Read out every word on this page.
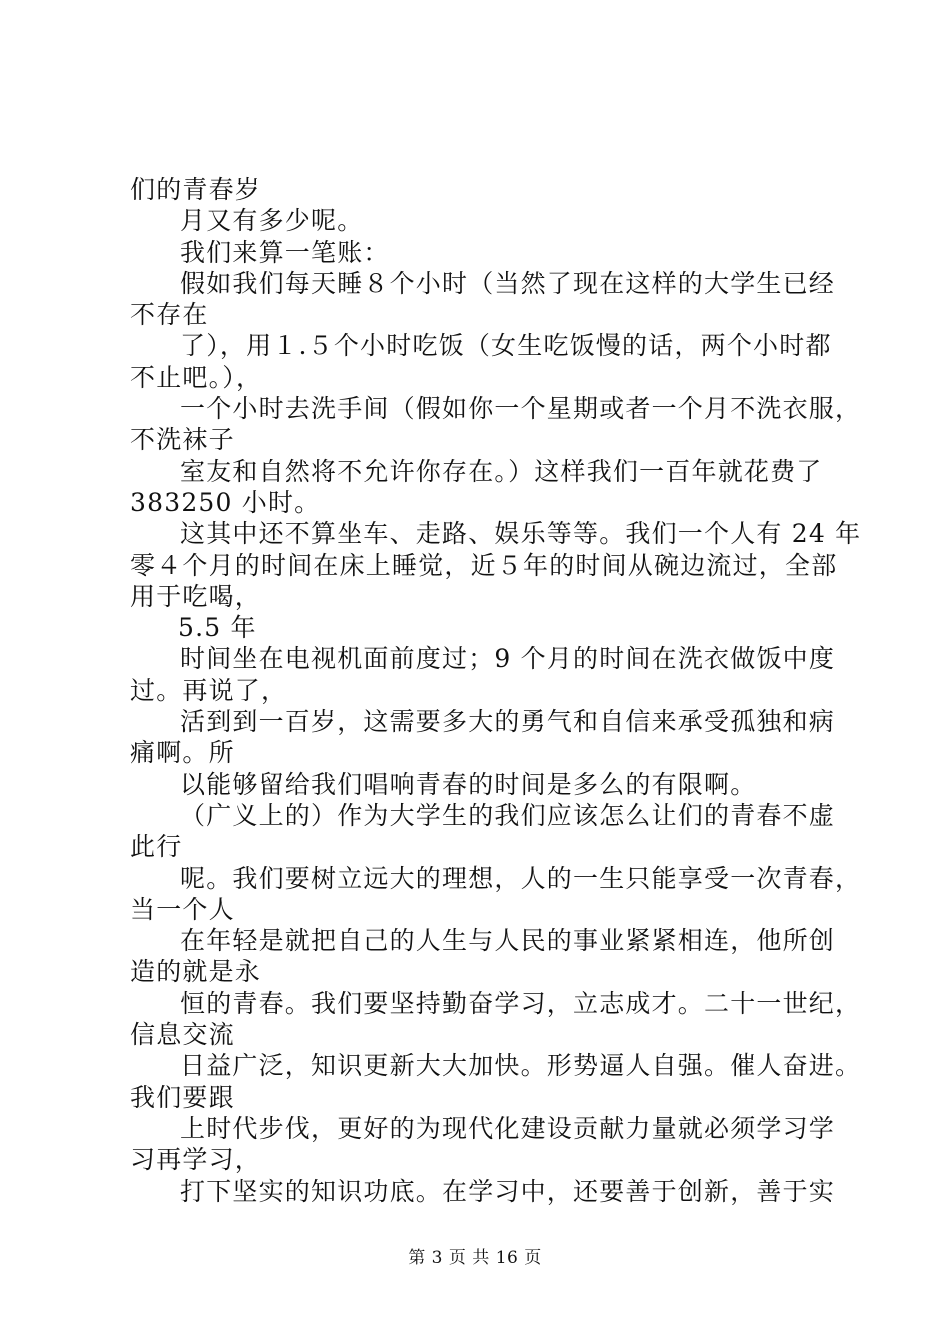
们的青春岁
月又有多少呢。
我们来算一笔账：
假如我们每天睡８个小时（当然了现在这样的大学生已经
不存在
了），用１.５个小时吃饭（女生吃饭慢的话，两个小时都
不止吧。），
一个小时去洗手间（假如你一个星期或者一个月不洗衣服，
不洗袜子
室友和自然将不允许你存在。）这样我们一百年就花费了
383250 小时。
这其中还不算坐车、走路、娱乐等等。我们一个人有 24 年
零４个月的时间在床上睡觉，近５年的时间从碗边流过，全部
用于吃喝，
5.5 年
时间坐在电视机面前度过；9 个月的时间在洗衣做饭中度
过。再说了，
活到到一百岁，这需要多大的勇气和自信来承受孤独和病
痛啊。所
以能够留给我们唱响青春的时间是多么的有限啊。
（广义上的）作为大学生的我们应该怎么让们的青春不虚
此行
呢。我们要树立远大的理想，人的一生只能享受一次青春，
当一个人
在年轻是就把自己的人生与人民的事业紧紧相连，他所创
造的就是永
恒的青春。我们要坚持勤奋学习，立志成才。二十一世纪，
信息交流
日益广泛，知识更新大大加快。形势逼人自强。催人奋进。
我们要跟
上时代步伐，更好的为现代化建设贡献力量就必须学习学
习再学习，
打下坚实的知识功底。在学习中，还要善于创新，善于实
第 3 页 共 16 页
